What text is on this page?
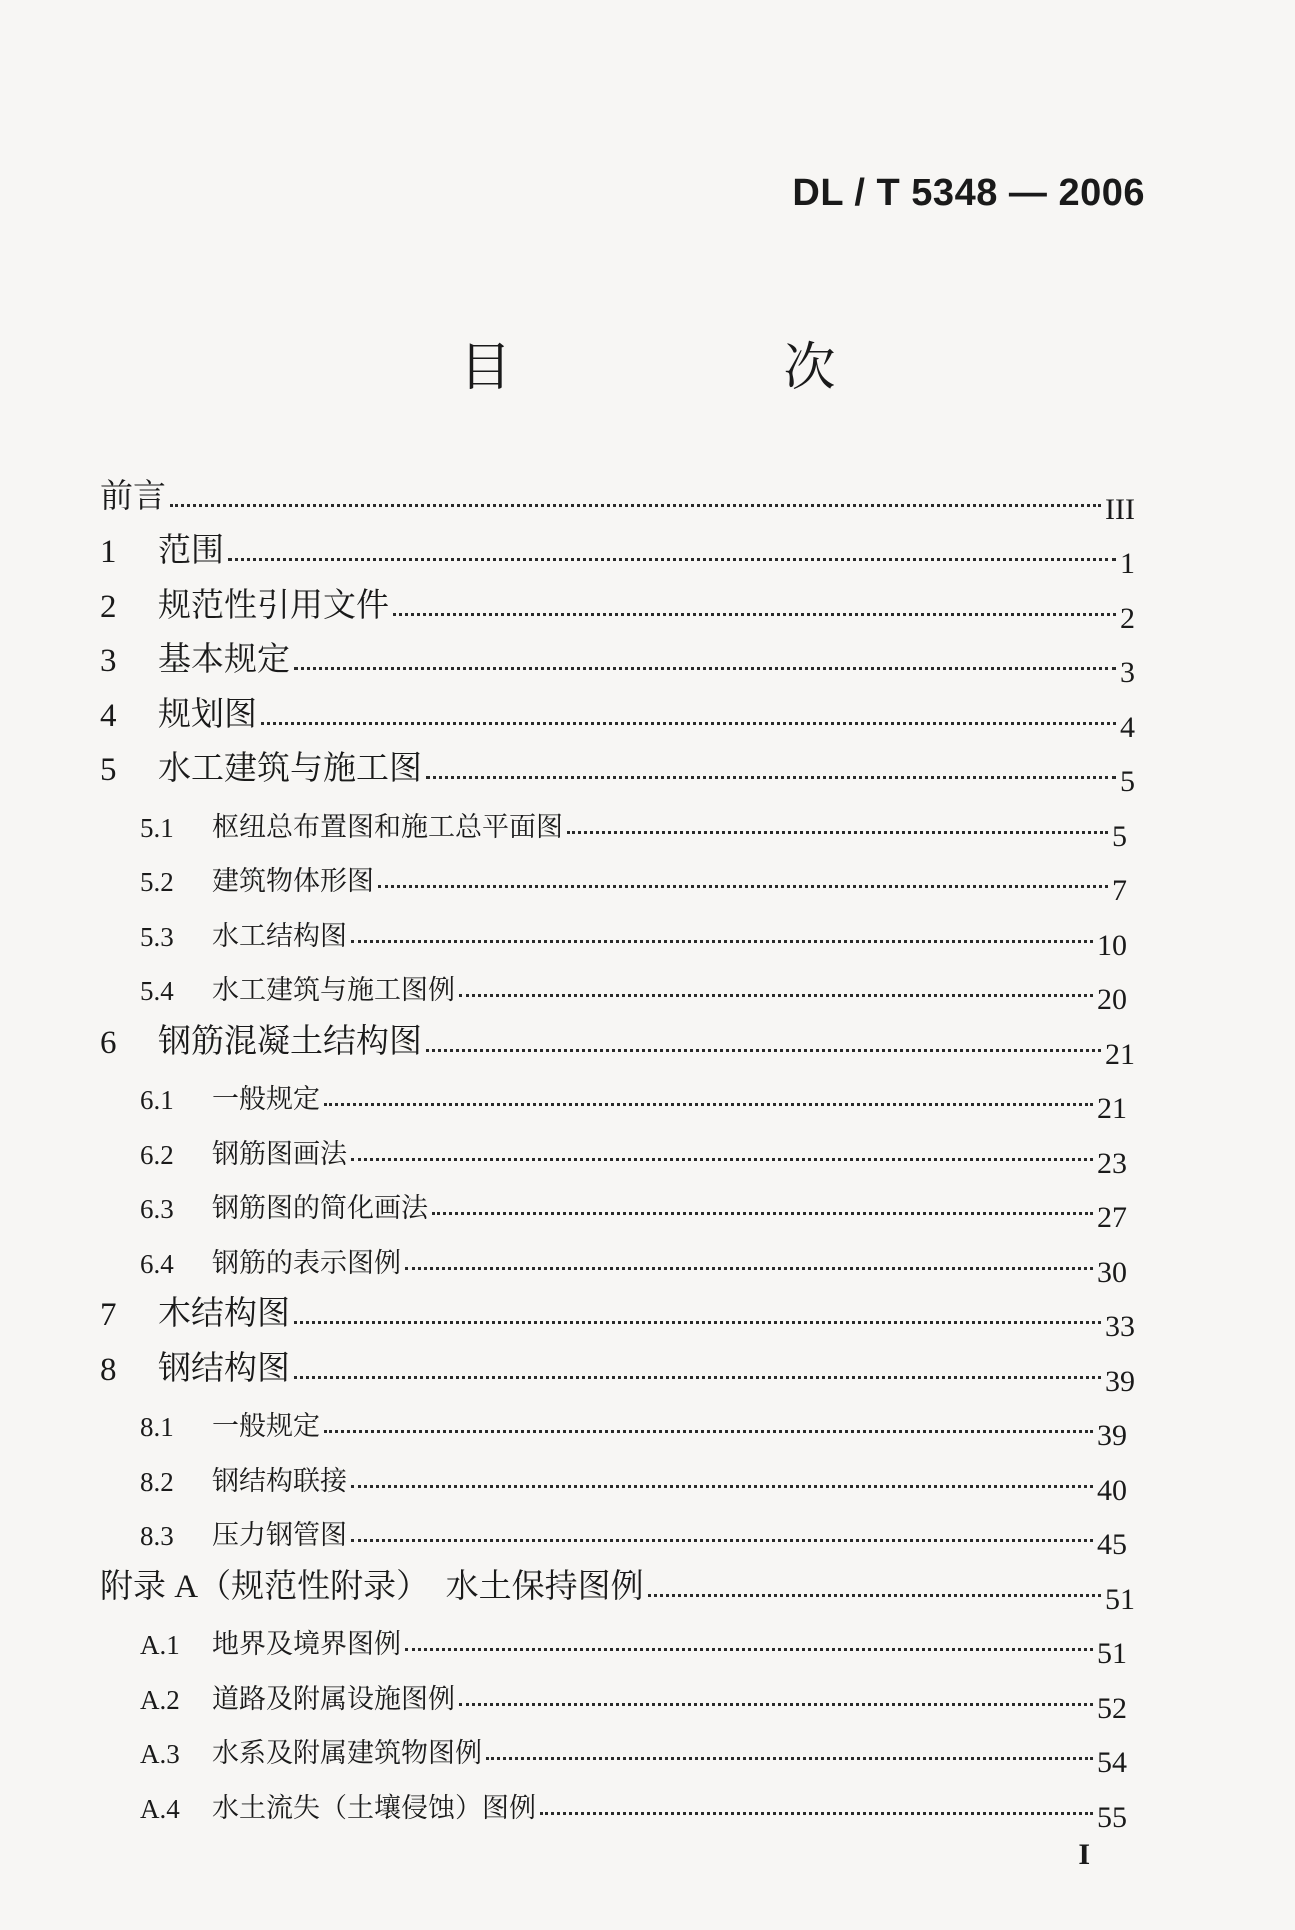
DL / T 5348 — 2006
目　次
前言	III
1	范围	1
2	规范性引用文件	2
3	基本规定	3
4	规划图	4
5	水工建筑与施工图	5
5.1	枢纽总布置图和施工总平面图	5
5.2	建筑物体形图	7
5.3	水工结构图	10
5.4	水工建筑与施工图例	20
6	钢筋混凝土结构图	21
6.1	一般规定	21
6.2	钢筋图画法	23
6.3	钢筋图的简化画法	27
6.4	钢筋的表示图例	30
7	木结构图	33
8	钢结构图	39
8.1	一般规定	39
8.2	钢结构联接	40
8.3	压力钢管图	45
附录 A（规范性附录）　水土保持图例	51
A.1	地界及境界图例	51
A.2	道路及附属设施图例	52
A.3	水系及附属建筑物图例	54
A.4	水土流失（土壤侵蚀）图例	55
I
